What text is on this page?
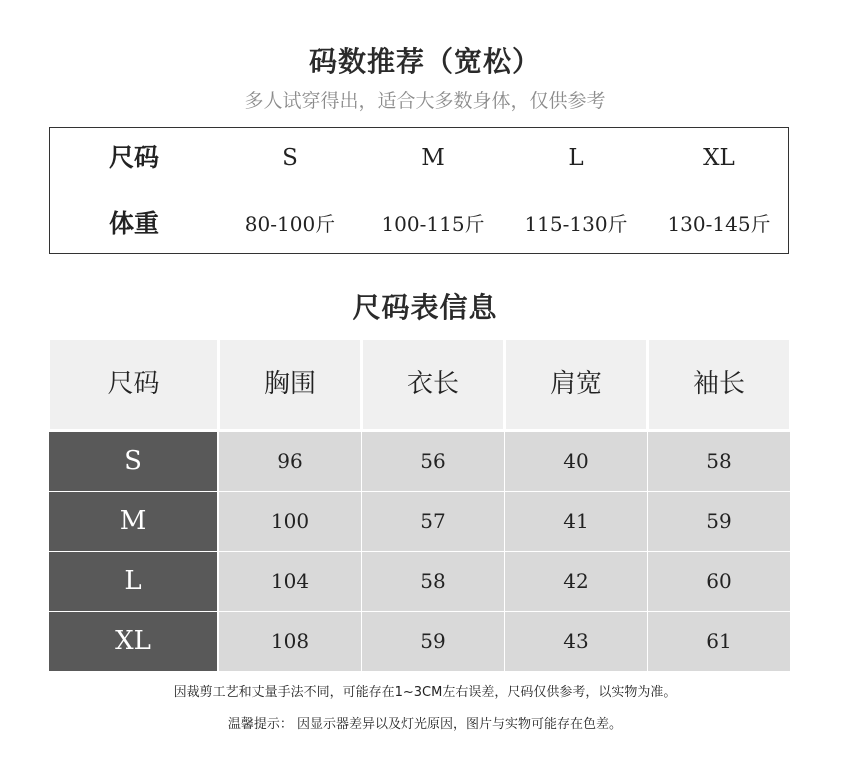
码数推荐（宽松）
多人试穿得出，适合大多数身体，仅供参考
尺码	S	M	L	XL
体重	80-100斤	100-115斤	115-130斤	130-145斤
尺码表信息
尺码	胸围	衣长	肩宽	袖长
S	96	56	40	58
M	100	57	41	59
L	104	58	42	60
XL	108	59	43	61
因裁剪工艺和丈量手法不同，可能存在1~3CM左右误差，尺码仅供参考，以实物为准。
温馨提示： 因显示器差异以及灯光原因，图片与实物可能存在色差。
